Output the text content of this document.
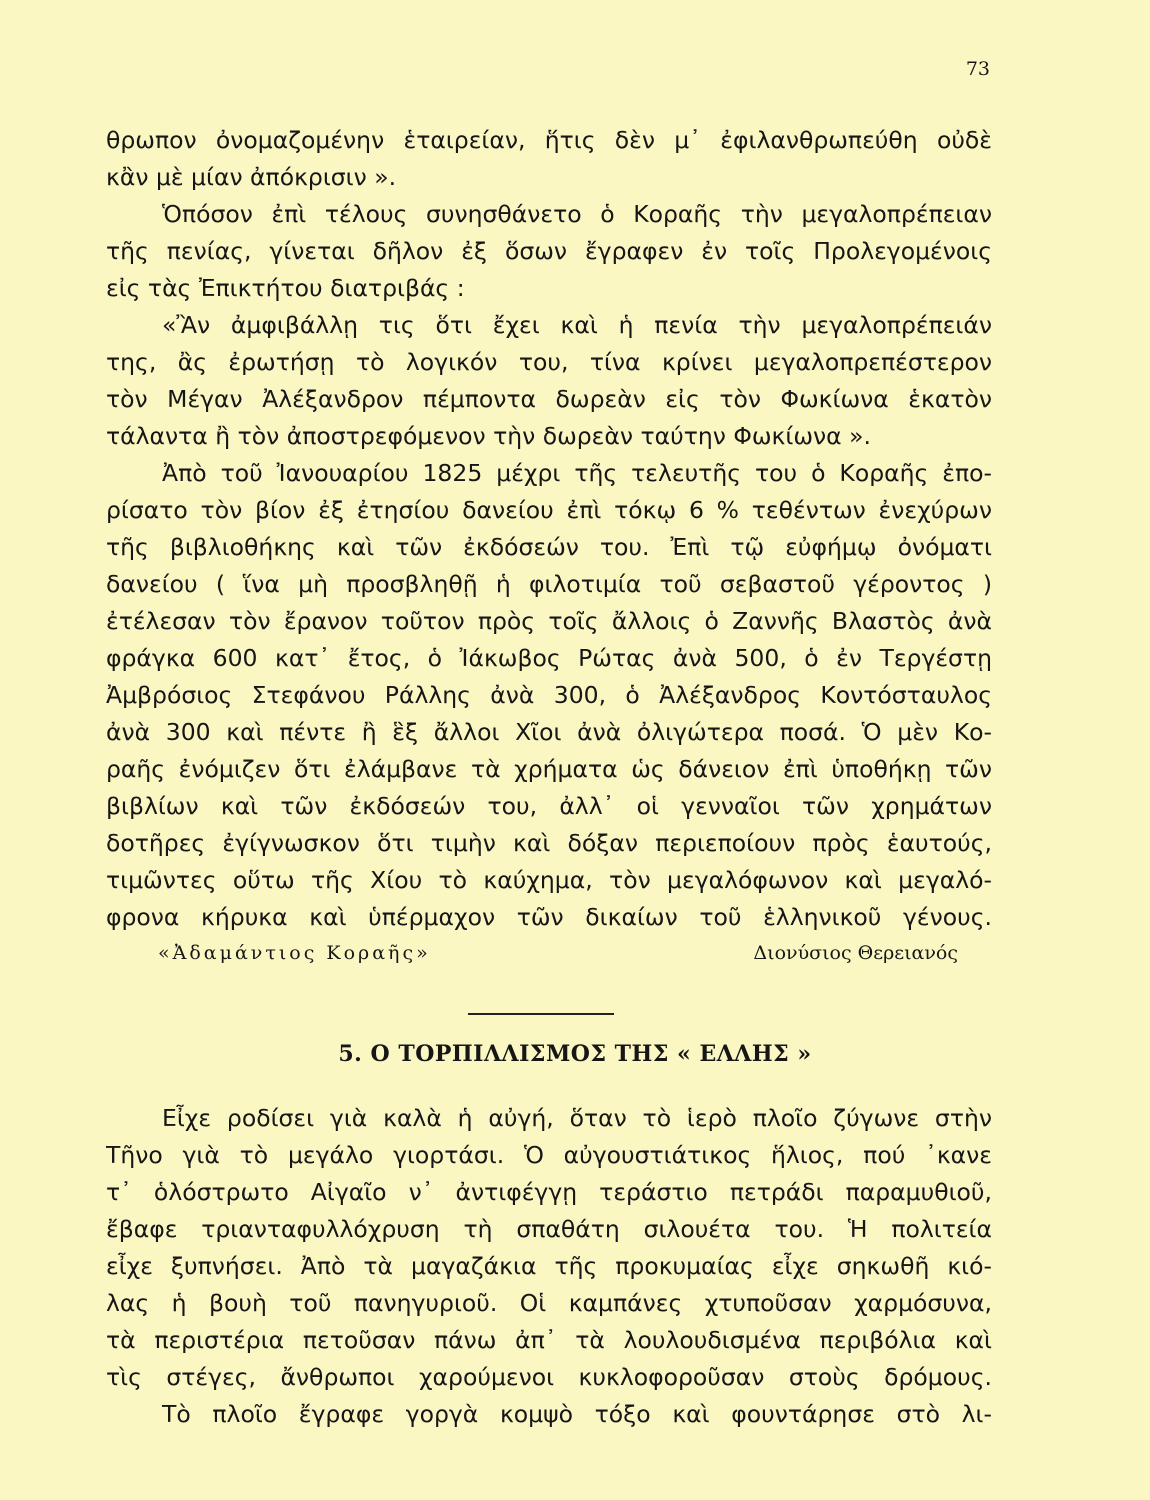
73
θρωπον ὀνομαζομένην ἑταιρείαν, ἥτις δὲν μ᾽ ἐφιλανθρωπεύθη οὐδὲ
κἂν μὲ μίαν ἀπόκρισιν ».
Ὁπόσον ἐπὶ τέλους συνησθάνετο ὁ Κοραῆς τὴν μεγαλοπρέπειαν
τῆς πενίας, γίνεται δῆλον ἐξ ὅσων ἔγραφεν ἐν τοῖς Προλεγομένοις
εἰς τὰς Ἐπικτήτου διατριβάς :
«Ἂν ἀμφιβάλλῃ τις ὅτι ἔχει καὶ ἡ πενία τὴν μεγαλοπρέπειάν
της, ἂς ἐρωτήσῃ τὸ λογικόν του, τίνα κρίνει μεγαλοπρεπέστερον
τὸν Μέγαν Ἀλέξανδρον πέμποντα δωρεὰν εἰς τὸν Φωκίωνα ἑκατὸν
τάλαντα ἢ τὸν ἀποστρεφόμενον τὴν δωρεὰν ταύτην Φωκίωνα ».
Ἀπὸ τοῦ Ἰανουαρίου 1825 μέχρι τῆς τελευτῆς του ὁ Κοραῆς ἐπο-
ρίσατο τὸν βίον ἐξ ἐτησίου δανείου ἐπὶ τόκῳ 6 % τεθέντων ἐνεχύρων
τῆς βιβλιοθήκης καὶ τῶν ἐκδόσεών του. Ἐπὶ τῷ εὐφήμῳ ὀνόματι
δανείου ( ἵνα μὴ προσβληθῇ ἡ φιλοτιμία τοῦ σεβαστοῦ γέροντος )
ἐτέλεσαν τὸν ἔρανον τοῦτον πρὸς τοῖς ἄλλοις ὁ Ζαννῆς Βλαστὸς ἀνὰ
φράγκα 600 κατ᾽ ἔτος, ὁ Ἰάκωβος Ρώτας ἀνὰ 500, ὁ ἐν Τεργέστῃ
Ἀμβρόσιος Στεφάνου Ράλλης ἀνὰ 300, ὁ Ἀλέξανδρος Κοντόσταυλος
ἀνὰ 300 καὶ πέντε ἢ ἓξ ἄλλοι Χῖοι ἀνὰ ὀλιγώτερα ποσά. Ὁ μὲν Κο-
ραῆς ἐνόμιζεν ὅτι ἐλάμβανε τὰ χρήματα ὡς δάνειον ἐπὶ ὑποθήκῃ τῶν
βιβλίων καὶ τῶν ἐκδόσεών του, ἀλλ᾽ οἱ γενναῖοι τῶν χρημάτων
δοτῆρες ἐγίγνωσκον ὅτι τιμὴν καὶ δόξαν περιεποίουν πρὸς ἑαυτούς,
τιμῶντες οὕτω τῆς Χίου τὸ καύχημα, τὸν μεγαλόφωνον καὶ μεγαλό-
φρονα κήρυκα καὶ ὑπέρμαχον τῶν δικαίων τοῦ ἑλληνικοῦ γένους.
«Ἀδαμάντιος Κοραῆς»	Διονύσιος Θερειανός
5. Ο ΤΟΡΠΙΛΛΙΣΜΟΣ ΤΗΣ « ΕΛΛΗΣ »
Εἶχε ροδίσει γιὰ καλὰ ἡ αὐγή, ὅταν τὸ ἱερὸ πλοῖο ζύγωνε στὴν
Τῆνο γιὰ τὸ μεγάλο γιορτάσι. Ὁ αὐγουστιάτικος ἥλιος, πού ᾽κανε
τ᾽ ὁλόστρωτο Αἰγαῖο ν᾽ ἀντιφέγγῃ τεράστιο πετράδι παραμυθιοῦ,
ἔβαφε τριανταφυλλόχρυση τὴ σπαθάτη σιλουέτα του. Ἡ πολιτεία
εἶχε ξυπνήσει. Ἀπὸ τὰ μαγαζάκια τῆς προκυμαίας εἶχε σηκωθῆ κιό-
λας ἡ βουὴ τοῦ πανηγυριοῦ. Οἱ καμπάνες χτυποῦσαν χαρμόσυνα,
τὰ περιστέρια πετοῦσαν πάνω ἀπ᾽ τὰ λουλουδισμένα περιβόλια καὶ
τὶς στέγες, ἄνθρωποι χαρούμενοι κυκλοφοροῦσαν στοὺς δρόμους.
Τὸ πλοῖο ἔγραφε γοργὰ κομψὸ τόξο καὶ φουντάρησε στὸ λι-
